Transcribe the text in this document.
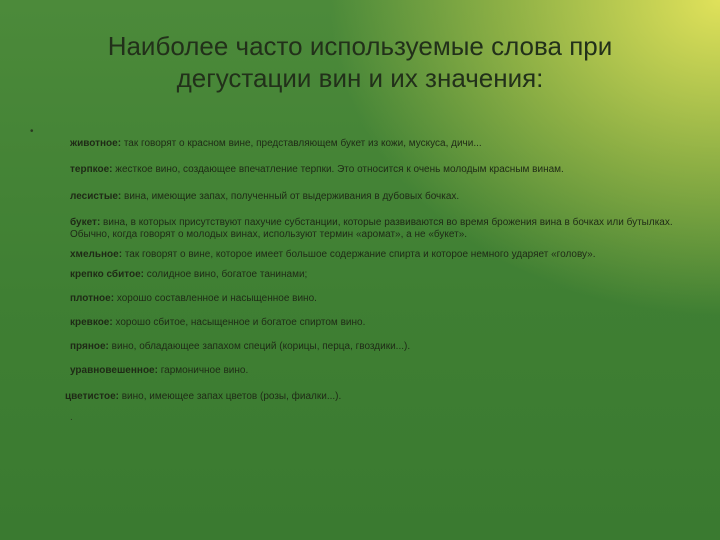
Наиболее часто используемые слова при
дегустации вин и их значения:
•
животное: так говорят о красном вине, представляющем букет из кожи, мускуса, дичи...
терпкое: жесткое вино, создающее впечатление терпки. Это относится к очень молодым красным винам.
лесистые: вина, имеющие запах, полученный от выдерживания в дубовых бочках.
букет: вина, в которых присутствуют пахучие субстанции, которые развиваются во время брожения вина в бочках или бутылках. Обычно, когда говорят о молодых винах, используют термин «аромат», а не «букет».
хмельное: так говорят о вине, которое имеет большое содержание спирта и которое немного ударяет «голову».
крепко сбитое: солидное вино, богатое танинами;
плотное: хорошо составленное и насыщенное вино.
кревкое: хорошо сбитое, насыщенное и богатое спиртом вино.
пряное: вино, обладающее запахом специй (корицы, перца, гвоздики...).
уравновешенное: гармоничное вино.
цветистое: вино, имеющее запах цветов (розы, фиалки...).
.
